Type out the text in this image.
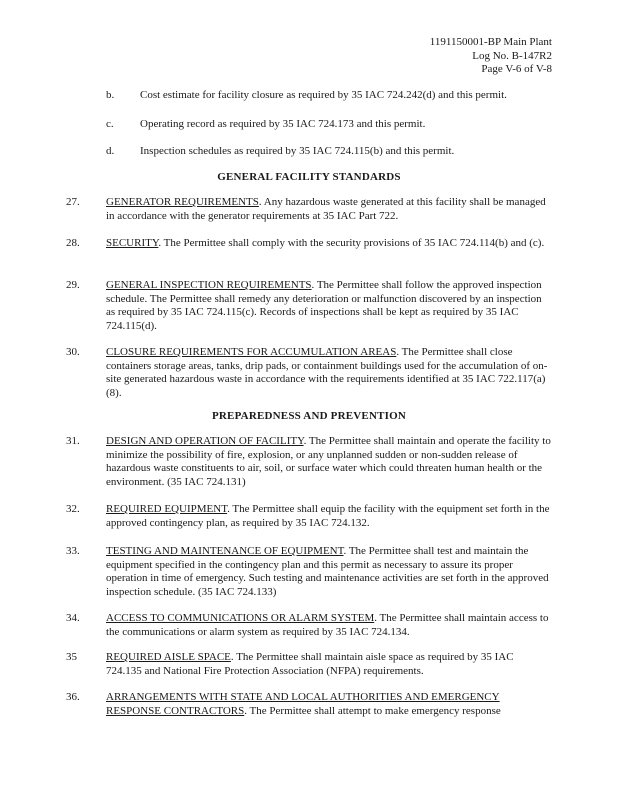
1191150001-BP Main Plant
Log No. B-147R2
Page V-6 of V-8
b. Cost estimate for facility closure as required by 35 IAC 724.242(d) and this permit.
c. Operating record as required by 35 IAC 724.173 and this permit.
d. Inspection schedules as required by 35 IAC 724.115(b) and this permit.
GENERAL FACILITY STANDARDS
27. GENERATOR REQUIREMENTS. Any hazardous waste generated at this facility shall be managed in accordance with the generator requirements at 35 IAC Part 722.
28. SECURITY. The Permittee shall comply with the security provisions of 35 IAC 724.114(b) and (c).
29. GENERAL INSPECTION REQUIREMENTS. The Permittee shall follow the approved inspection schedule. The Permittee shall remedy any deterioration or malfunction discovered by an inspection as required by 35 IAC 724.115(c). Records of inspections shall be kept as required by 35 IAC 724.115(d).
30. CLOSURE REQUIREMENTS FOR ACCUMULATION AREAS. The Permittee shall close containers storage areas, tanks, drip pads, or containment buildings used for the accumulation of on-site generated hazardous waste in accordance with the requirements identified at 35 IAC 722.117(a)(8).
PREPAREDNESS AND PREVENTION
31. DESIGN AND OPERATION OF FACILITY. The Permittee shall maintain and operate the facility to minimize the possibility of fire, explosion, or any unplanned sudden or non-sudden release of hazardous waste constituents to air, soil, or surface water which could threaten human health or the environment. (35 IAC 724.131)
32. REQUIRED EQUIPMENT. The Permittee shall equip the facility with the equipment set forth in the approved contingency plan, as required by 35 IAC 724.132.
33. TESTING AND MAINTENANCE OF EQUIPMENT. The Permittee shall test and maintain the equipment specified in the contingency plan and this permit as necessary to assure its proper operation in time of emergency. Such testing and maintenance activities are set forth in the approved inspection schedule. (35 IAC 724.133)
34. ACCESS TO COMMUNICATIONS OR ALARM SYSTEM. The Permittee shall maintain access to the communications or alarm system as required by 35 IAC 724.134.
35	REQUIRED AISLE SPACE. The Permittee shall maintain aisle space as required by 35 IAC 724.135 and National Fire Protection Association (NFPA) requirements.
36. ARRANGEMENTS WITH STATE AND LOCAL AUTHORITIES AND EMERGENCY RESPONSE CONTRACTORS. The Permittee shall attempt to make emergency response
